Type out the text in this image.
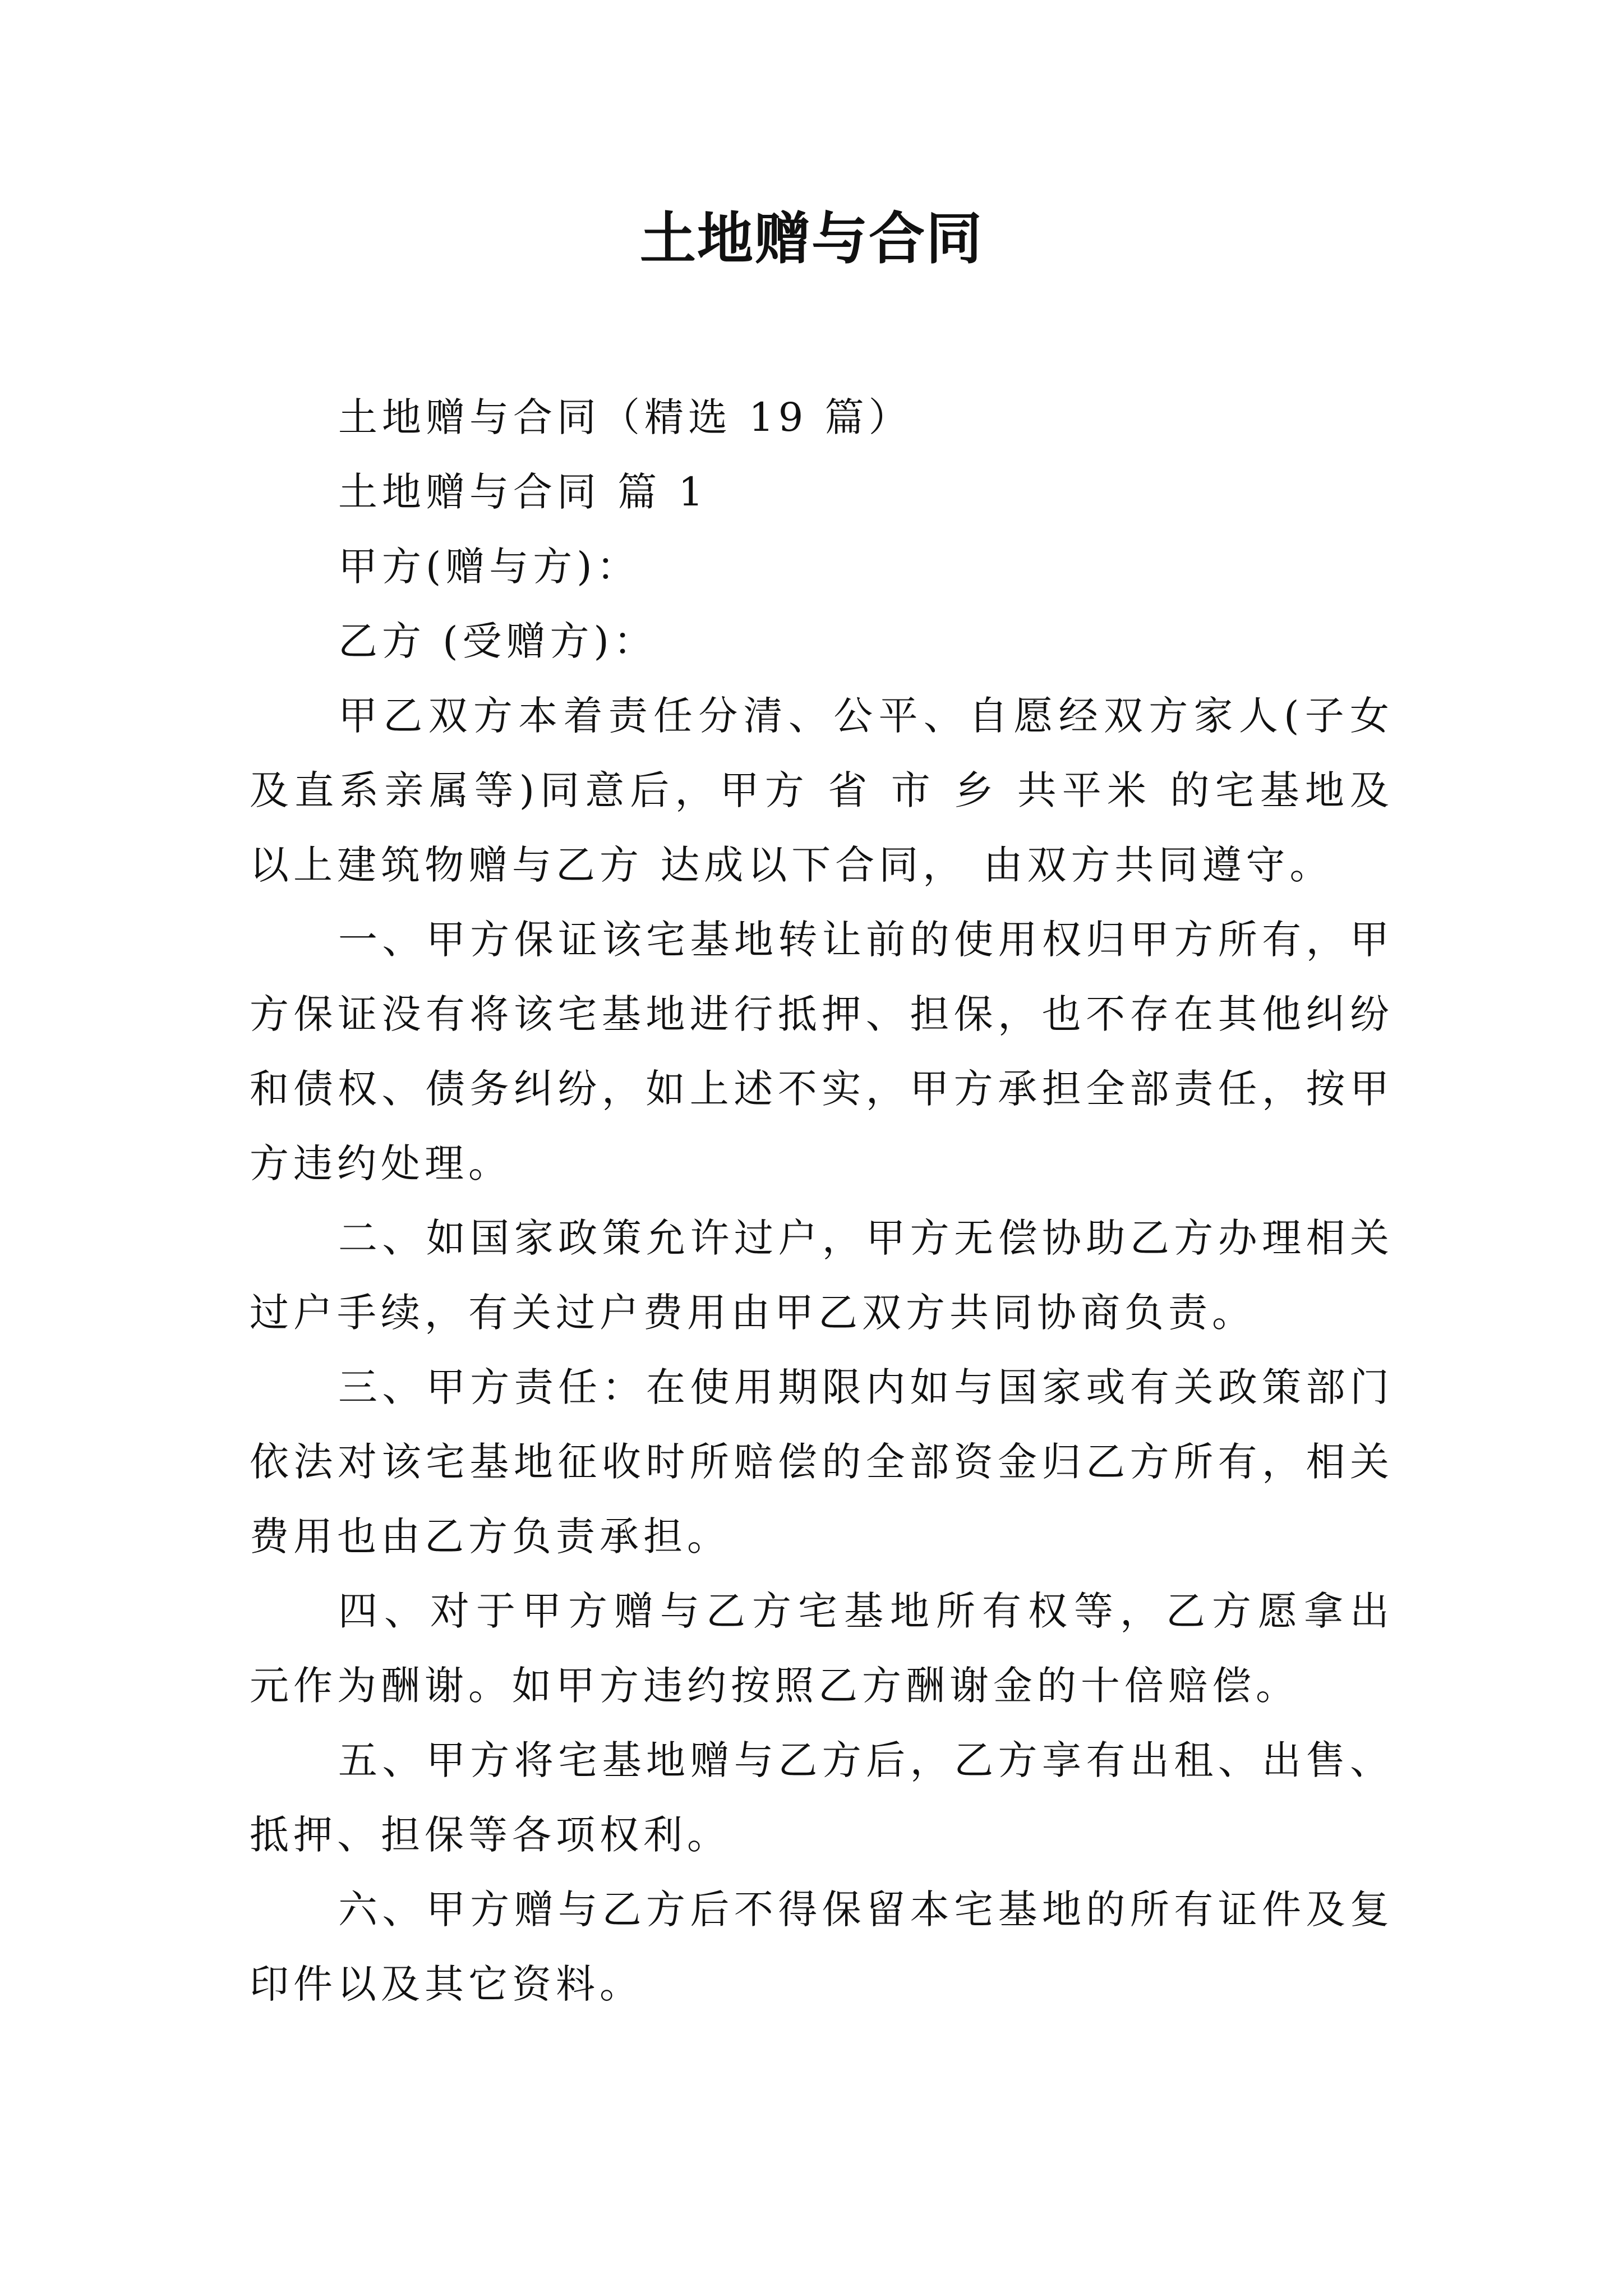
土地赠与合同
土地赠与合同（精选 19 篇）
土地赠与合同 篇 1
甲方(赠与方)：
乙方 (受赠方)：
甲乙双方本着责任分清、公平、自愿经双方家人(子女
及直系亲属等)同意后，甲方 省 市 乡 共平米 的宅基地及
以上建筑物赠与乙方 达成以下合同， 由双方共同遵守。
一、甲方保证该宅基地转让前的使用权归甲方所有，甲
方保证没有将该宅基地进行抵押、担保，也不存在其他纠纷
和债权、债务纠纷，如上述不实，甲方承担全部责任，按甲
方违约处理。
二、如国家政策允许过户，甲方无偿协助乙方办理相关
过户手续，有关过户费用由甲乙双方共同协商负责。
三、甲方责任：在使用期限内如与国家或有关政策部门
依法对该宅基地征收时所赔偿的全部资金归乙方所有，相关
费用也由乙方负责承担。
四、对于甲方赠与乙方宅基地所有权等，乙方愿拿出
元作为酬谢。如甲方违约按照乙方酬谢金的十倍赔偿。
五、甲方将宅基地赠与乙方后，乙方享有出租、出售、
抵押、担保等各项权利。
六、甲方赠与乙方后不得保留本宅基地的所有证件及复
印件以及其它资料。
